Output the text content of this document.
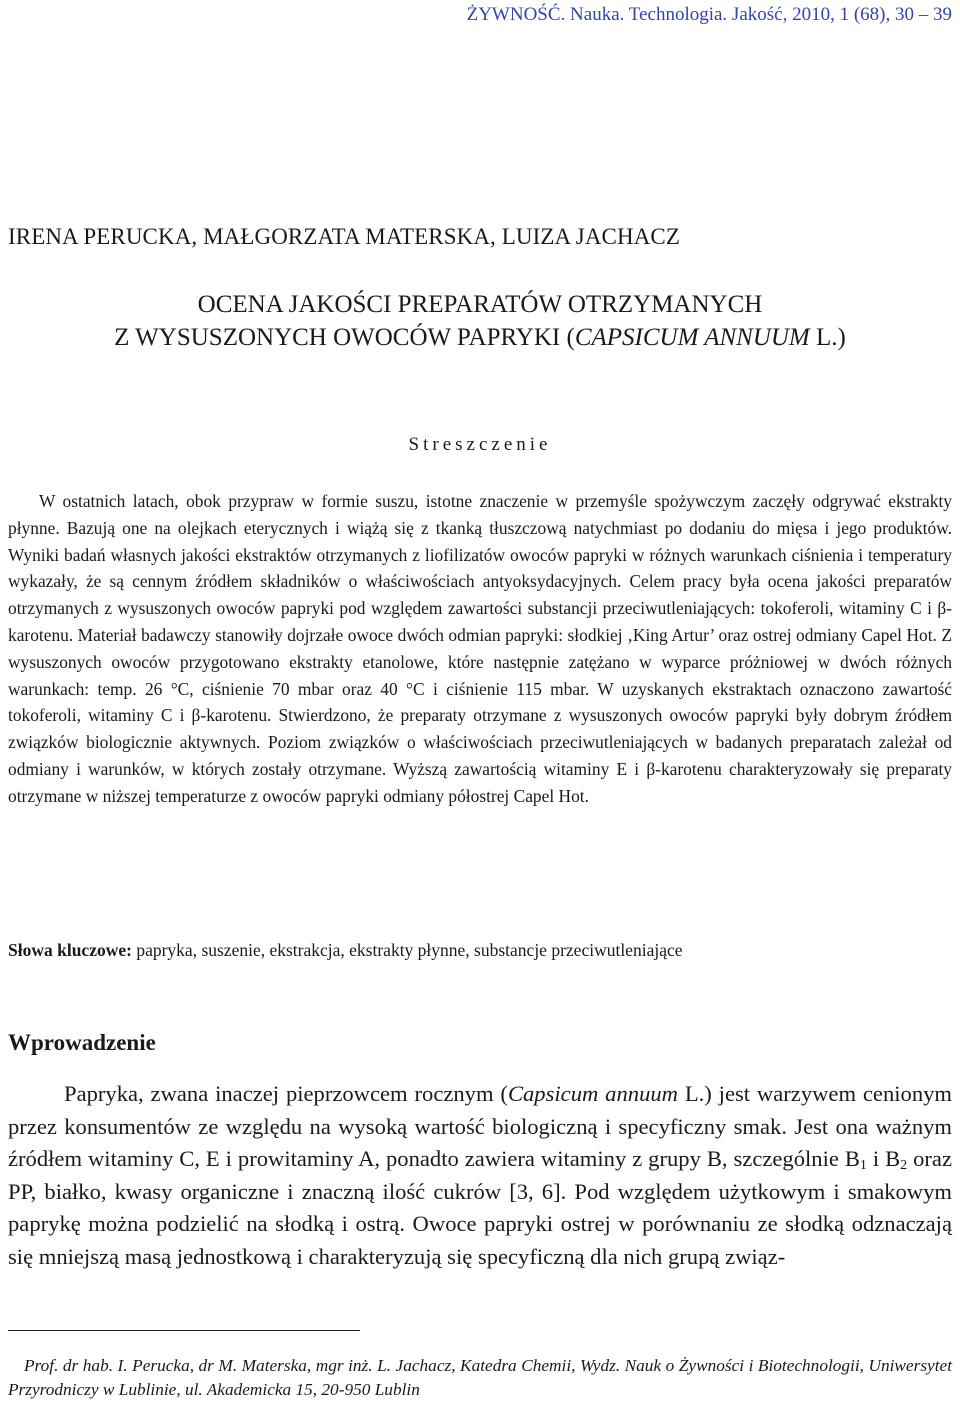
ŻYWNOŚĆ. Nauka. Technologia. Jakość, 2010, 1 (68), 30 – 39
IRENA PERUCKA, MAŁGORZATA MATERSKA, LUIZA JACHACZ
OCENA JAKOŚCI PREPARATÓW OTRZYMANYCH
Z WYSUSZONYCH OWOCÓW PAPRYKI (CAPSICUM ANNUUM L.)
Streszczenie

W ostatnich latach, obok przypraw w formie suszu, istotne znaczenie w przemyśle spożywczym zaczęły odgrywać ekstrakty płynne. Bazują one na olejkach eterycznych i wiążą się z tkanką tłuszczową natychmiast po dodaniu do mięsa i jego produktów. Wyniki badań własnych jakości ekstraktów otrzymanych z liofilizatów owoców papryki w różnych warunkach ciśnienia i temperatury wykazały, że są cennym źródłem składników o właściwościach antyoksydacyjnych. Celem pracy była ocena jakości preparatów otrzymanych z wysuszonych owoców papryki pod względem zawartości substancji przeciwutleniających: tokoferoli, witaminy C i β-karotenu. Materiał badawczy stanowiły dojrzałe owoce dwóch odmian papryki: słodkiej ‚King Artur’ oraz ostrej odmiany Capel Hot. Z wysuszonych owoców przygotowano ekstrakty etanolowe, które następnie zatężano w wyparce próżniowej w dwóch różnych warunkach: temp. 26 °C, ciśnienie 70 mbar oraz 40 °C i ciśnienie 115 mbar. W uzyskanych ekstraktach oznaczono zawartość tokoferoli, witaminy C i β-karotenu. Stwierdzono, że preparaty otrzymane z wysuszonych owoców papryki były dobrym źródłem związków biologicznie aktywnych. Poziom związków o właściwościach przeciwutleniających w badanych preparatach zależał od odmiany i warunków, w których zostały otrzymane. Wyższą zawartością witaminy E i β-karotenu charakteryzowały się preparaty otrzymane w niższej temperaturze z owoców papryki odmiany półostrej Capel Hot.

Słowa kluczowe: papryka, suszenie, ekstrakcja, ekstrakty płynne, substancje przeciwutleniające
Wprowadzenie

Papryka, zwana inaczej pieprzowcem rocznym (Capsicum annuum L.) jest warzywem cenionym przez konsumentów ze względu na wysoką wartość biologiczną i specyficzny smak. Jest ona ważnym źródłem witaminy C, E i prowitaminy A, ponadto zawiera witaminy z grupy B, szczególnie $B_1$ i $B_2$ oraz PP, białko, kwasy organiczne i znaczną ilość cukrów [3, 6]. Pod względem użytkowym i smakowym paprykę można podzielić na słodką i ostrą. Owoce papryki ostrej w porównaniu ze słodką odznaczają się mniejszą masą jednostkową i charakteryzują się specyficzną dla nich grupą związ-

Prof. dr hab. I. Perucka, dr M. Materska, mgr inż. L. Jachacz, Katedra Chemii, Wydz. Nauk o Żywności i Biotechnologii, Uniwersytet Przyrodniczy w Lublinie, ul. Akademicka 15, 20-950 Lublin
